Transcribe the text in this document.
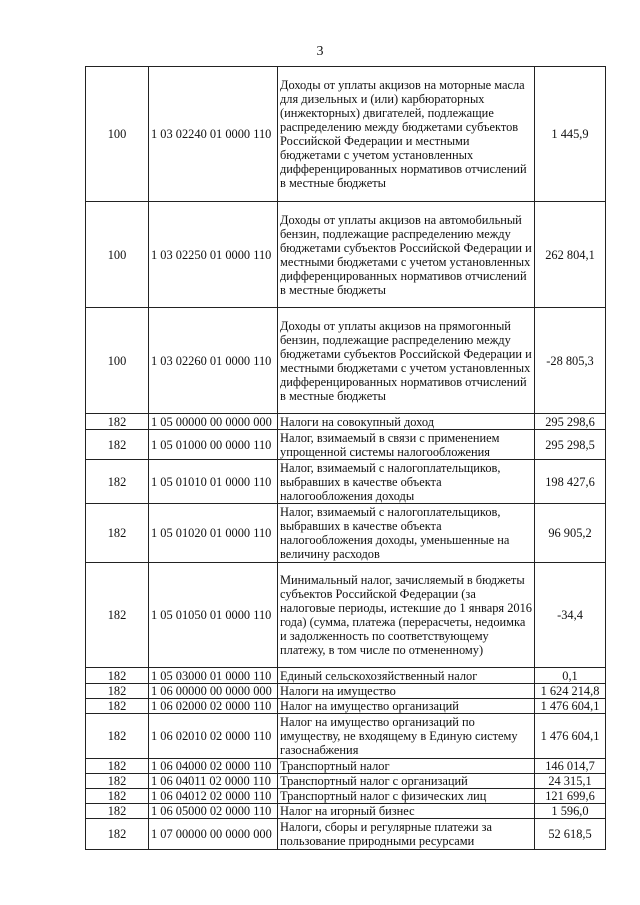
3
100	1 03 02240 01 0000 110	Доходы от уплаты акцизов на моторные масла для дизельных и (или) карбюраторных (инжекторных) двигателей, подлежащие распределению между бюджетами субъектов Российской Федерации и местными бюджетами с учетом установленных дифференцированных нормативов отчислений в местные бюджеты	1 445,9
100	1 03 02250 01 0000 110	Доходы от уплаты акцизов на автомобильный бензин, подлежащие распределению между бюджетами субъектов Российской Федерации и местными бюджетами с учетом установленных дифференцированных нормативов отчислений в местные бюджеты	262 804,1
100	1 03 02260 01 0000 110	Доходы от уплаты акцизов на прямогонный бензин, подлежащие распределению между бюджетами субъектов Российской Федерации и местными бюджетами с учетом установленных дифференцированных нормативов отчислений в местные бюджеты	-28 805,3
182	1 05 00000 00 0000 000	Налоги на совокупный доход	295 298,6
182	1 05 01000 00 0000 110	Налог, взимаемый в связи с применением упрощенной системы налогообложения	295 298,5
182	1 05 01010 01 0000 110	Налог, взимаемый с налогоплательщиков, выбравших в качестве объекта налогообложения доходы	198 427,6
182	1 05 01020 01 0000 110	Налог, взимаемый с налогоплательщиков, выбравших в качестве объекта налогообложения доходы, уменьшенные на величину расходов	96 905,2
182	1 05 01050 01 0000 110	Минимальный налог, зачисляемый в бюджеты субъектов Российской Федерации (за налоговые периоды, истекшие до 1 января 2016 года) (сумма, платежа (перерасчеты, недоимка и задолженность по соответствующему платежу, в том числе по отмененному)	-34,4
182	1 05 03000 01 0000 110	Единый сельскохозяйственный налог	0,1
182	1 06 00000 00 0000 000	Налоги на имущество	1 624 214,8
182	1 06 02000 02 0000 110	Налог на имущество организаций	1 476 604,1
182	1 06 02010 02 0000 110	Налог на имущество организаций по имуществу, не входящему в Единую систему газоснабжения	1 476 604,1
182	1 06 04000 02 0000 110	Транспортный налог	146 014,7
182	1 06 04011 02 0000 110	Транспортный налог с организаций	24 315,1
182	1 06 04012 02 0000 110	Транспортный налог с физических лиц	121 699,6
182	1 06 05000 02 0000 110	Налог на игорный бизнес	1 596,0
182	1 07 00000 00 0000 000	Налоги, сборы и регулярные платежи за пользование природными ресурсами	52 618,5
